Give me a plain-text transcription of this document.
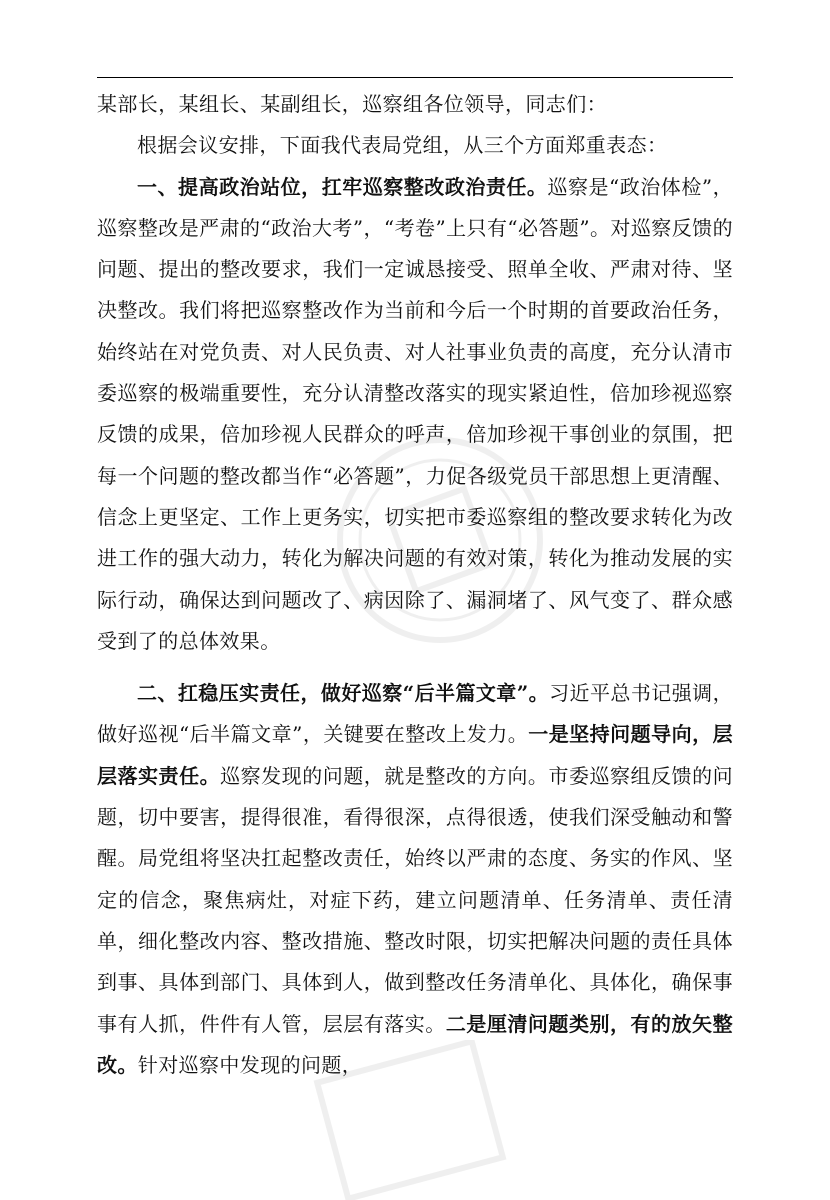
某部长，某组长、某副组长，巡察组各位领导，同志们：

根据会议安排，下面我代表局党组，从三个方面郑重表态：

一、提高政治站位，扛牢巡察整改政治责任。巡察是“政治体检”，巡察整改是严肃的“政治大考”，“考卷”上只有“必答题”。对巡察反馈的问题、提出的整改要求，我们一定诚恳接受、照单全收、严肃对待、坚决整改。我们将把巡察整改作为当前和今后一个时期的首要政治任务，始终站在对党负责、对人民负责、对人社事业负责的高度，充分认清市委巡察的极端重要性，充分认清整改落实的现实紧迫性，倍加珍视巡察反馈的成果，倍加珍视人民群众的呼声，倍加珍视干事创业的氛围，把每一个问题的整改都当作“必答题”，力促各级党员干部思想上更清醒、信念上更坚定、工作上更务实，切实把市委巡察组的整改要求转化为改进工作的强大动力，转化为解决问题的有效对策，转化为推动发展的实际行动，确保达到问题改了、病因除了、漏洞堵了、风气变了、群众感受到了的总体效果。

二、扛稳压实责任，做好巡察“后半篇文章”。习近平总书记强调，做好巡视“后半篇文章”，关键要在整改上发力。一是坚持问题导向，层层落实责任。巡察发现的问题，就是整改的方向。市委巡察组反馈的问题，切中要害，提得很准，看得很深，点得很透，使我们深受触动和警醒。局党组将坚决扛起整改责任，始终以严肃的态度、务实的作风、坚定的信念，聚焦病灶，对症下药，建立问题清单、任务清单、责任清单，细化整改内容、整改措施、整改时限，切实把解决问题的责任具体到事、具体到部门、具体到人，做到整改任务清单化、具体化，确保事事有人抓，件件有人管，层层有落实。二是厘清问题类别，有的放矢整改。针对巡察中发现的问题，
